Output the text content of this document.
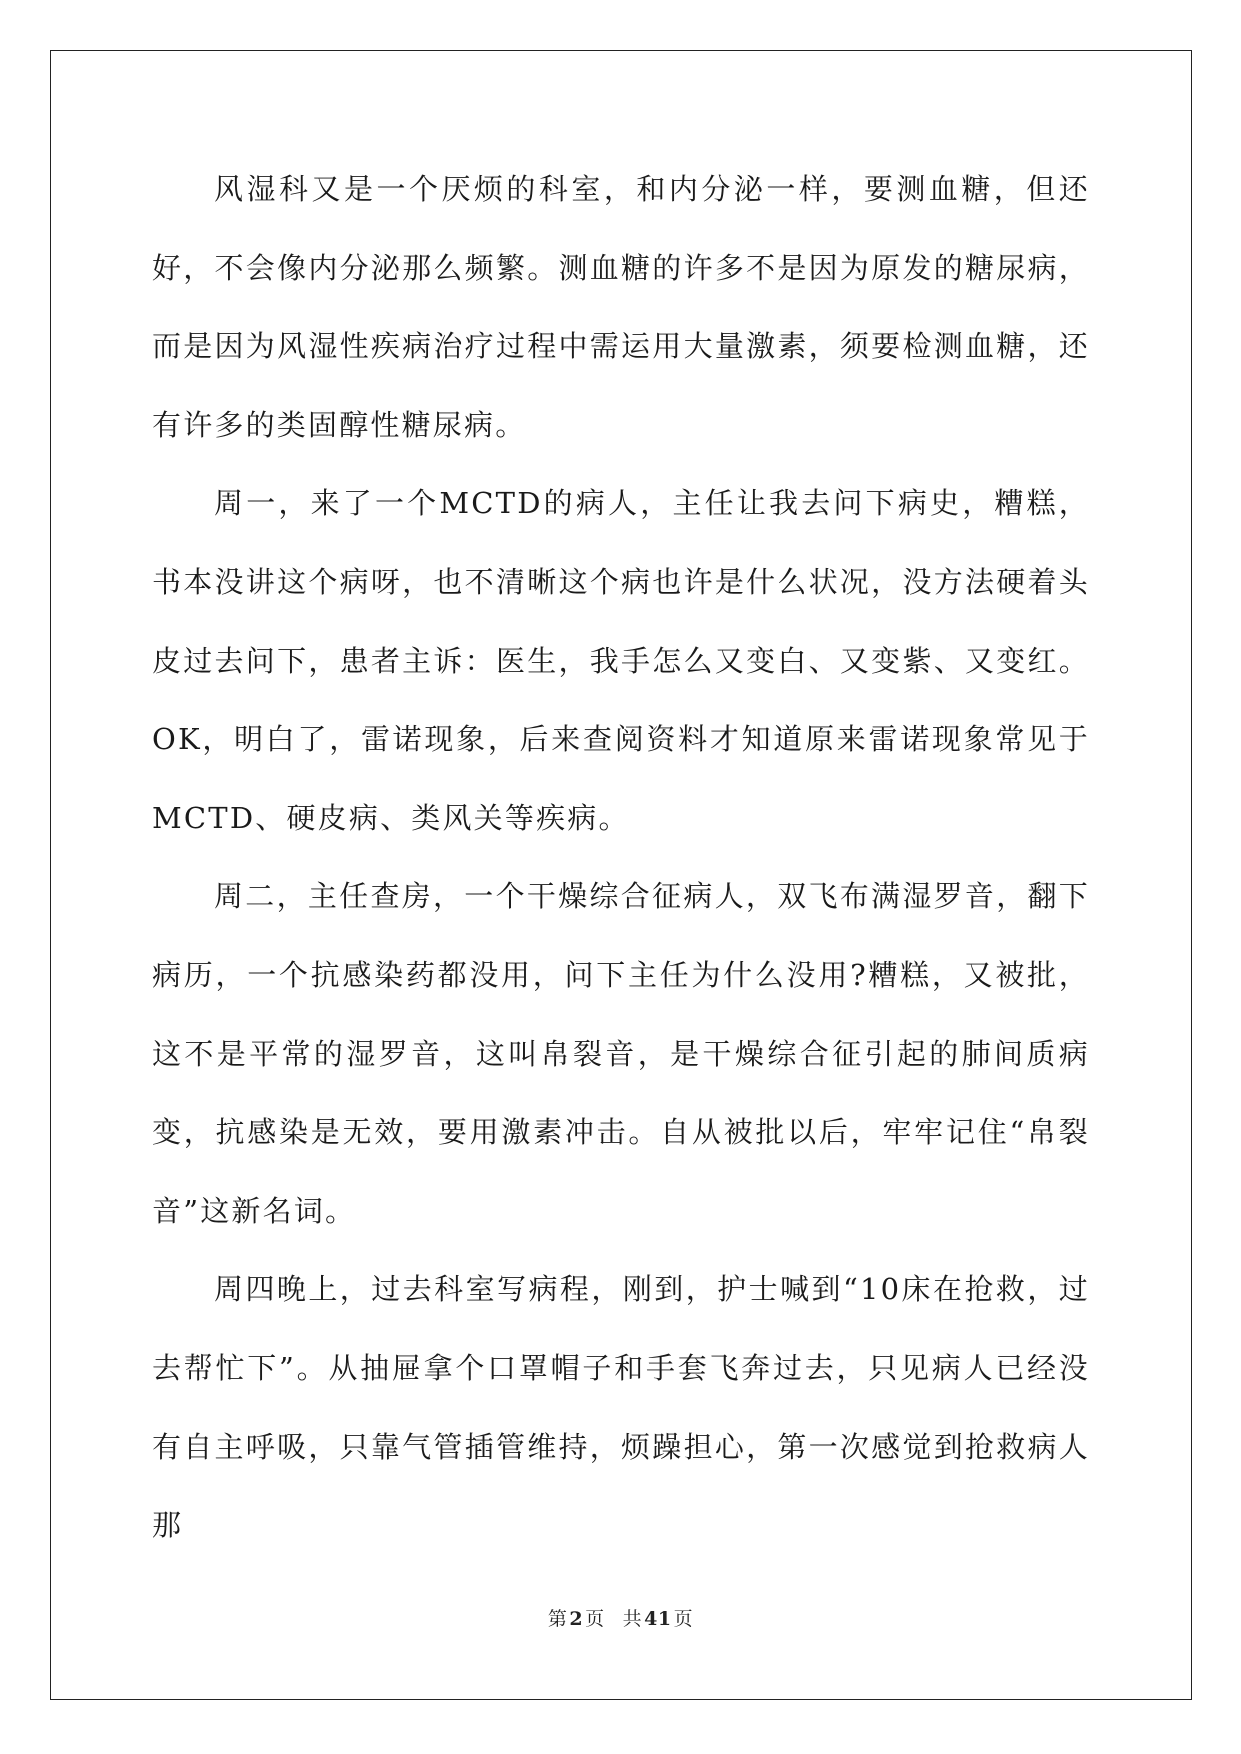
风湿科又是一个厌烦的科室，和内分泌一样，要测血糖，但还好，不会像内分泌那么频繁。测血糖的许多不是因为原发的糖尿病，而是因为风湿性疾病治疗过程中需运用大量激素，须要检测血糖，还有许多的类固醇性糖尿病。

周一，来了一个MCTD的病人，主任让我去问下病史，糟糕，书本没讲这个病呀，也不清晰这个病也许是什么状况，没方法硬着头皮过去问下，患者主诉：医生，我手怎么又变白、又变紫、又变红。OK，明白了，雷诺现象，后来查阅资料才知道原来雷诺现象常见于MCTD、硬皮病、类风关等疾病。

周二，主任查房，一个干燥综合征病人，双飞布满湿罗音，翻下病历，一个抗感染药都没用，问下主任为什么没用?糟糕，又被批，这不是平常的湿罗音，这叫帛裂音，是干燥综合征引起的肺间质病变，抗感染是无效，要用激素冲击。自从被批以后，牢牢记住“帛裂音”这新名词。

周四晚上，过去科室写病程，刚到，护士喊到“10床在抢救，过去帮忙下”。从抽屉拿个口罩帽子和手套飞奔过去，只见病人已经没有自主呼吸，只靠气管插管维持，烦躁担心，第一次感觉到抢救病人那

第 2 页 共 41 页
